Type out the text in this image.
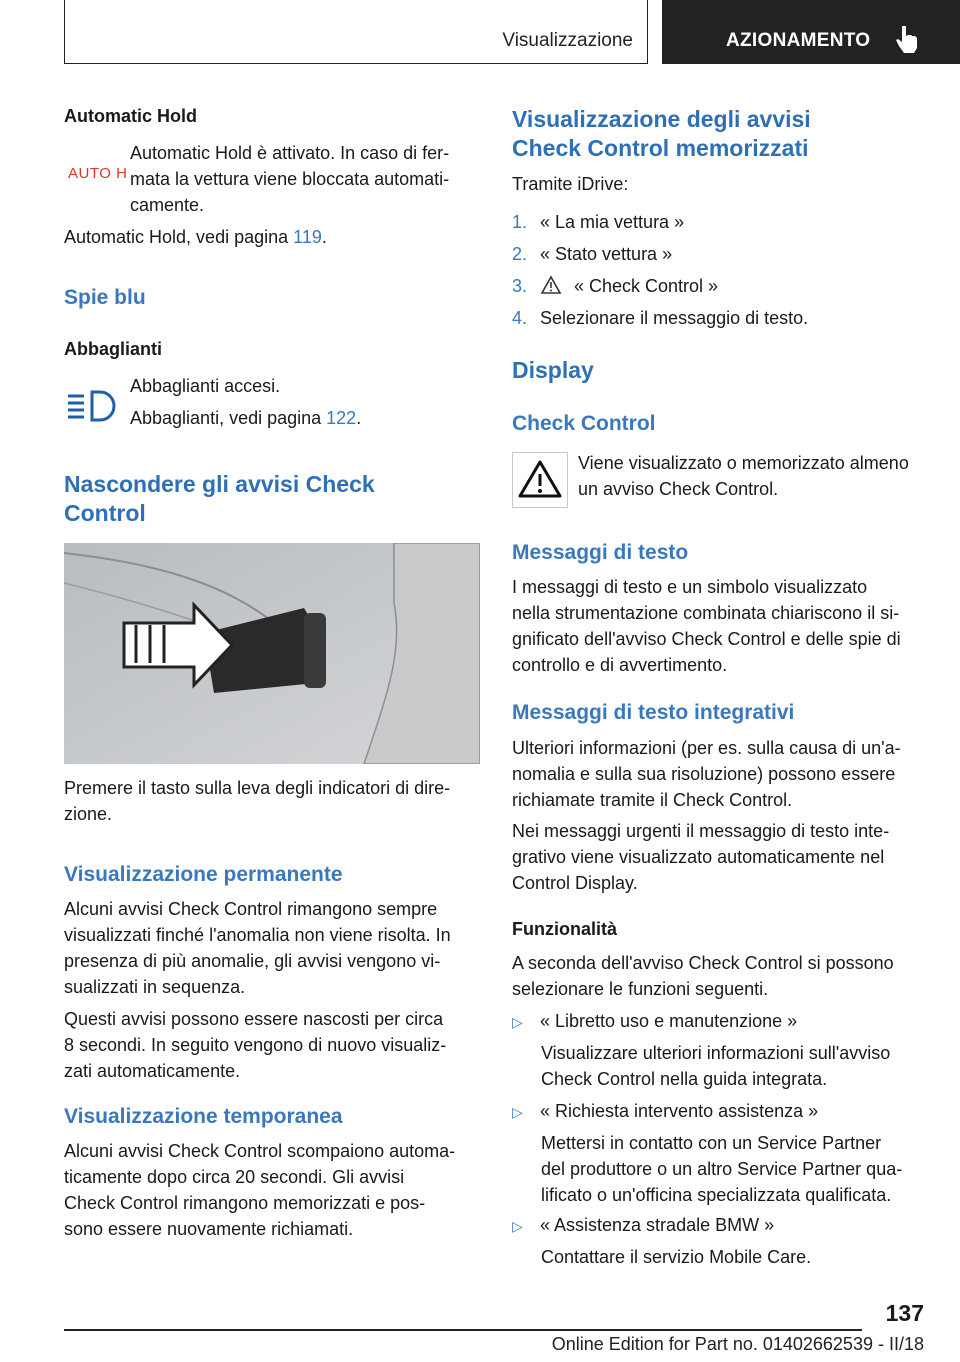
Visualizzazione	AZIONAMENTO
Automatic Hold
AUTO H
Automatic Hold è attivato. In caso di fer-
mata la vettura viene bloccata automati-
camente.
Automatic Hold, vedi pagina 119.
Spie blu
Abbaglianti
Abbaglianti accesi.
Abbaglianti, vedi pagina 122.
Nascondere gli avvisi Check
Control
Premere il tasto sulla leva degli indicatori di dire-
zione.
Visualizzazione permanente
Alcuni avvisi Check Control rimangono sempre
visualizzati finché l'anomalia non viene risolta. In
presenza di più anomalie, gli avvisi vengono vi-
sualizzati in sequenza.
Questi avvisi possono essere nascosti per circa
8 secondi. In seguito vengono di nuovo visualiz-
zati automaticamente.
Visualizzazione temporanea
Alcuni avvisi Check Control scompaiono automa-
ticamente dopo circa 20 secondi. Gli avvisi
Check Control rimangono memorizzati e pos-
sono essere nuovamente richiamati.
Visualizzazione degli avvisi
Check Control memorizzati
Tramite iDrive:
1. « La mia vettura »
2. « Stato vettura »
3.	« Check Control »
4. Selezionare il messaggio di testo.
Display
Check Control
Viene visualizzato o memorizzato almeno
un avviso Check Control.
Messaggi di testo
I messaggi di testo e un simbolo visualizzato
nella strumentazione combinata chiariscono il si-
gnificato dell'avviso Check Control e delle spie di
controllo e di avvertimento.
Messaggi di testo integrativi
Ulteriori informazioni (per es. sulla causa di un'a-
nomalia e sulla sua risoluzione) possono essere
richiamate tramite il Check Control.
Nei messaggi urgenti il messaggio di testo inte-
grativo viene visualizzato automaticamente nel
Control Display.
Funzionalità
A seconda dell'avviso Check Control si possono
selezionare le funzioni seguenti.
▷ « Libretto uso e manutenzione »
Visualizzare ulteriori informazioni sull'avviso
Check Control nella guida integrata.
▷ « Richiesta intervento assistenza »
Mettersi in contatto con un Service Partner
del produttore o un altro Service Partner qua-
lificato o un'officina specializzata qualificata.
▷ « Assistenza stradale BMW »
Contattare il servizio Mobile Care.
137
Online Edition for Part no. 01402662539 - II/18
